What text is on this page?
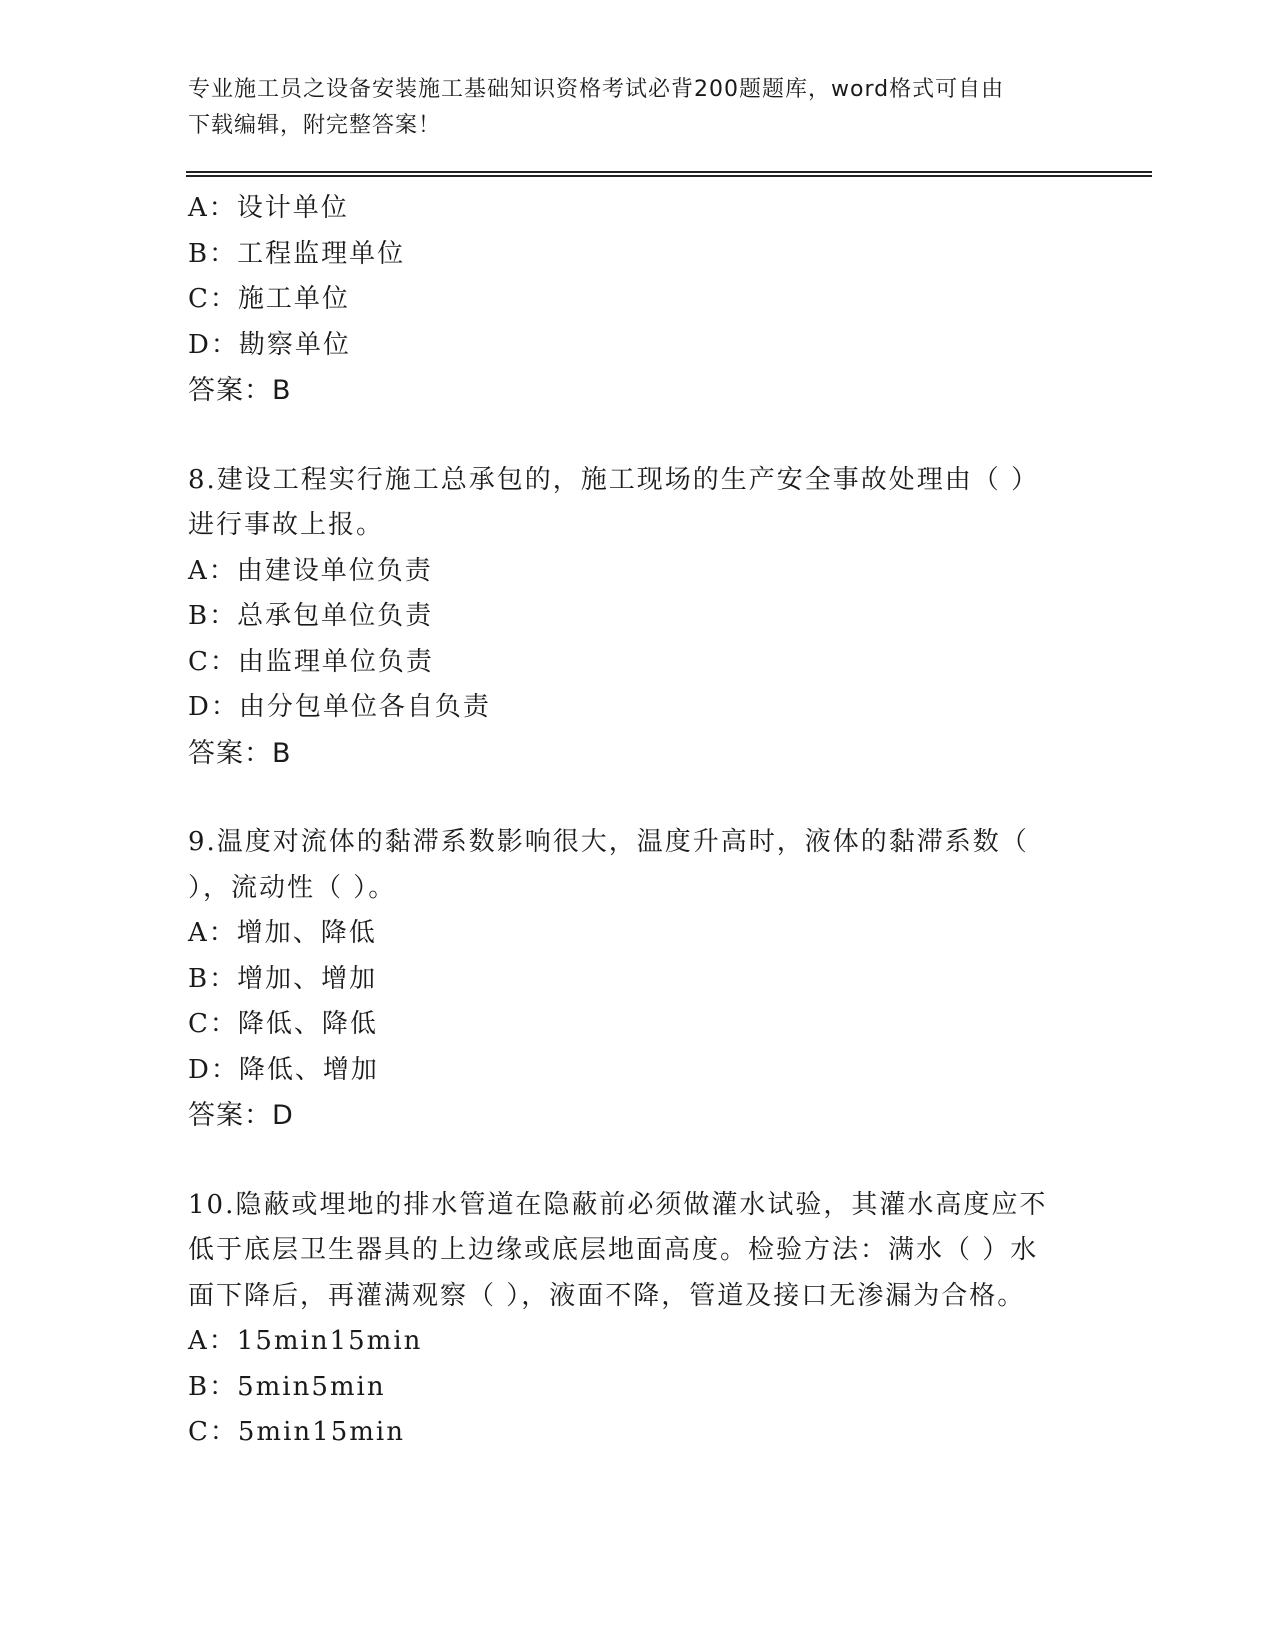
专业施工员之设备安装施工基础知识资格考试必背200题题库，word格式可自由
下载编辑，附完整答案！
A：设计单位
B：工程监理单位
C：施工单位
D：勘察单位
答案：B
8.建设工程实行施工总承包的，施工现场的生产安全事故处理由（ ）
进行事故上报。
A：由建设单位负责
B：总承包单位负责
C：由监理单位负责
D：由分包单位各自负责
答案：B
9.温度对流体的黏滞系数影响很大，温度升高时，液体的黏滞系数（
），流动性（ ）。
A：增加、降低
B：增加、增加
C：降低、降低
D：降低、增加
答案：D
10.隐蔽或埋地的排水管道在隐蔽前必须做灌水试验，其灌水高度应不
低于底层卫生器具的上边缘或底层地面高度。检验方法：满水（ ）水
面下降后，再灌满观察（ ），液面不降，管道及接口无渗漏为合格。
A：15min15min
B：5min5min
C：5min15min
